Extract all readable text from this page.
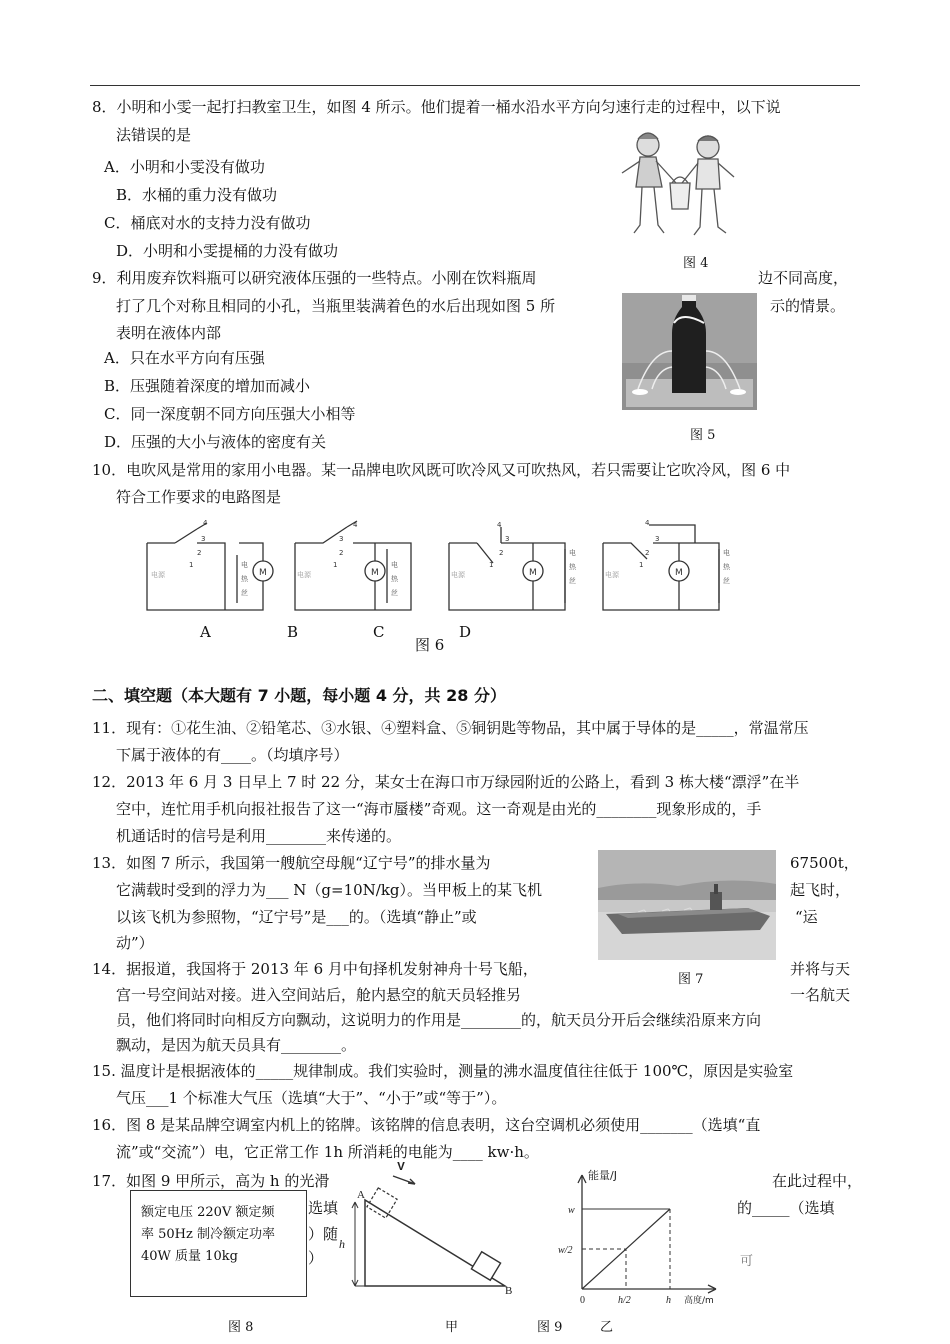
8．小明和小雯一起打扫教室卫生，如图 4 所示。他们提着一桶水沿水平方向匀速行走的过程中，以下说
法错误的是
A．小明和小雯没有做功
B．水桶的重力没有做功
C．桶底对水的支持力没有做功
D．小明和小雯提桶的力没有做功
图 4
9．利用废弃饮料瓶可以研究液体压强的一些特点。小刚在饮料瓶周	边不同高度，
打了几个对称且相同的小孔，当瓶里装满着色的水后出现如图 5 所	示的情景。
表明在液体内部
A．只在水平方向有压强
B．压强随着深度的增加而减小
C．同一深度朝不同方向压强大小相等
D．压强的大小与液体的密度有关	图 5
10．电吹风是常用的家用小电器。某一品牌电吹风既可吹冷风又可吹热风，若只需要让它吹冷风，图 6 中
符合工作要求的电路图是
4
3
2
1
M
电
热
丝
电源
4
3
2
1
M
电
热
丝
电源
4
3
2
1
M
电
热
丝
电源
4
3
2
1
M
电
热
丝
电源
A	B	C	D
图 6
二、填空题（本大题有 7 小题，每小题 4 分，共 28 分）
11．现有：①花生油、②铅笔芯、③水银、④塑料盒、⑤铜钥匙等物品，其中属于导体的是_____，常温常压
下属于液体的有____。（均填序号）
12．2013 年 6 月 3 日早上 7 时 22 分，某女士在海口市万绿园附近的公路上，看到 3 栋大楼“漂浮”在半
空中，连忙用手机向报社报告了这一“海市蜃楼”奇观。这一奇观是由光的________现象形成的，手
机通话时的信号是利用________来传递的。
13．如图 7 所示，我国第一艘航空母舰“辽宁号”的排水量为	67500t，
它满载时受到的浮力为___ N（g=10N/kg）。当甲板上的某飞机	起飞时，
以该飞机为参照物，“辽宁号”是___的。（选填“静止”或	“运
动”）
图 7
14．据报道，我国将于 2013 年 6 月中旬择机发射神舟十号飞船，	并将与天
宫一号空间站对接。进入空间站后，舱内悬空的航天员轻推另	一名航天
员，他们将同时向相反方向飘动，这说明力的作用是________的，航天员分开后会继续沿原来方向
飘动，是因为航天员具有________。
15. 温度计是根据液体的_____规律制成。我们实验时，测量的沸水温度值往往低于 100℃，原因是实验室
气压___1 个标准大气压（选填“大于”、“小于”或“等于”）。
16．图 8 是某品牌空调室内机上的铭牌。该铭牌的信息表明，这台空调机必须使用_______（选填“直
流”或“交流”）电，它正常工作 1h 所消耗的电能为____ kw·h。
17．如图 9 甲所示，高为 h 的光滑	在此过程中，
选填	的_____（选填
）随
）	可
额定电压 220V 额定频
率 50Hz 制冷额定功率
40W 质量 10kg
图 8
V
A
B
h
甲	图 9
能量/J
w
w/2
0	h/2	h 高度/m
乙
